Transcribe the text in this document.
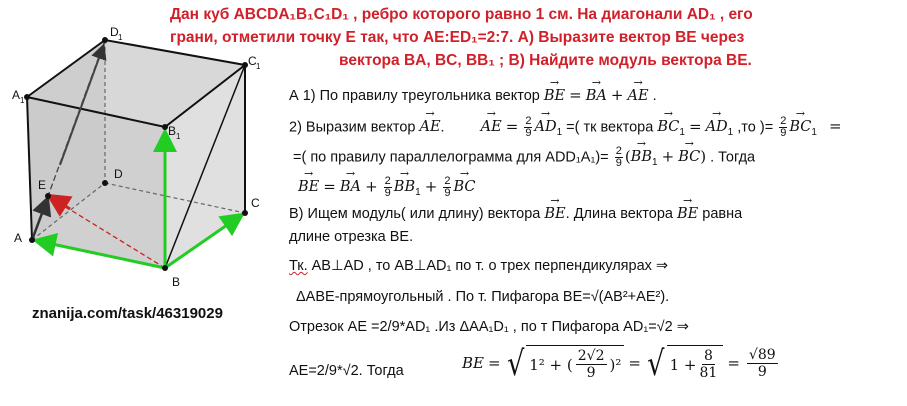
A
B
C
D
E
A 1
B 1
C 1
D 1
Дан куб ABCDA₁B₁C₁D₁ , ребро которого равно 1 см. На диагонали AD₁ , его
грани, отметили точку Е так, что AE:ED₁=2:7. А) Выразите вектор BE через
вектора BA, BC, BB₁ ; B) Найдите модуль вектора BE.
znanija.com/task/46319029
А 1) По правилу треугольника вектор → BE = → BA + → AE .
2) Выразим вектор → AE.  → AE = $\frac{2}{9}$
→ $AD_1$ =( тк вектора → $BC_1$ = → $AD_1$ ,то )= $\frac{2}{9}$
→ $BC_1$ =
=( по правилу параллелограмма для $ADD_1A_1)= \frac{2}{9}$ (→ $BB_1$ + → BC) . Тогда
→ BE = → BA + $\frac{2}{9}$
→ $BB_1 + \frac{2}{9}$
→ BC
В) Ищем модуль( или длину) вектора → BE. Длина вектора → BE равна
длине отрезка ВЕ.
Тк. AB⊥AD , то AB⊥AD₁ по т. о трех перпендикулярах ⇒
ΔABE-прямоугольный . По т. Пифагора BE=√(AB²+AE²).
Отрезок AE =2/9*AD₁ .Из ΔAA₁D₁ , по т Пифагора AD₁=√2 ⇒
AE=2/9*√2. Тогда	BE = √ 1² + ( 2√2
9 )² = √ $1 + \frac{8}{81} = \frac{√89}{9}$
